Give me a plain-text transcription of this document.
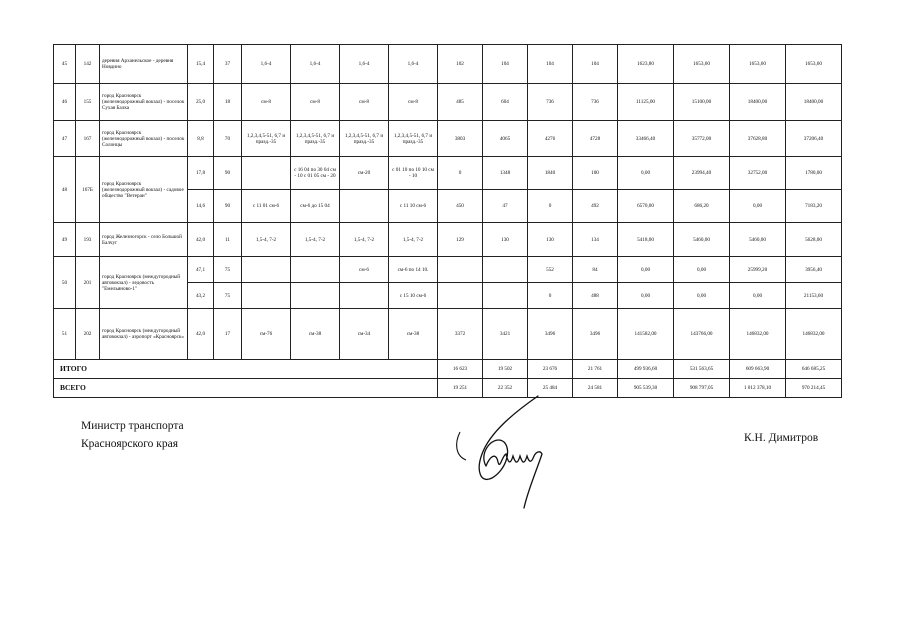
45	142	деревня Арханельское - деревня Новдино	15,4	37	1,6-4	1,6-4	1,6-4	1,6-4	102	104	104	104	1623,80	1653,60	1653,60	1653,60
46	155	город Красноярск (железнодорожный вокзал) - поселок Сухая Балка	25,0	18	см-8	см-8	см-8	см-8	485	604	736	736	11125,00	15100,00	18400,00	18400,00
47	167	город Красноярск (железнодорожный вокзал) - поселок Солонцы	8,8	70	1,2,3,4,5-51, 6,7 и празд.-35	1,2,3,4,5-51, 6,7 и празд.-35	1,2,3,4,5-51, 6,7 и празд.-35	1,2,3,4,5-51, 6,7 и празд.-35	3803	4065	4276	4728	33466,40	35772,00	37628,80	37206,40
48	167Б	город Красноярск (железнодорожный вокзал) - садовое общество "Ветеран"	17,8	90		с 16 04 по 30 04 см - 10 с 01 05 см - 20	см-20	с 01 10 по 10 10 см - 10	0	1348	1840	100	0,00	23994,40	32752,00	1780,00
			14,6	90	с 11 01 см-6	см-6 до 15 04		с 11 10 см-6	450	47	0	492	6570,00	686,20	0,00	7183,20
49	193	город Железногорск - село Большой Балчуг	42,0	11	1,5-4, 7-2	1,5-4, 7-2	1,5-4, 7-2	1,5-4, 7-2	129	130	130	134	5418,00	5460,00	5460,00	5628,00
50	201	город Красноярск (междугородный автовокзал) - ледовость "Емельяново-1"	47,1	75			см-6	см-6 по 14 10.			552	84	0,00	0,00	25999,20	3956,40
			43,2	75				с 15 10 см-6			0	488	0,00	0,00	0,00	21153,60
51	202	город Красноярск (междугородный автовокзал) - аэропорт «Красноярск»	42,0	17	см-76	см-38	см-34	см-38	3372	3421	3496	3496	141582,00	143766,00	146832,00	146832,00
ИТОГО									16 623	19 502	23 676	21 761	499 936,60	531 563,65	609 663,90	646 685,25
ВСЕГО									19 251	22 352	25 484	24 581	905 539,30	908 797,05	1 012 378,10	970 214,45
Министр транспорта
Красноярского края	К.Н. Димитров
